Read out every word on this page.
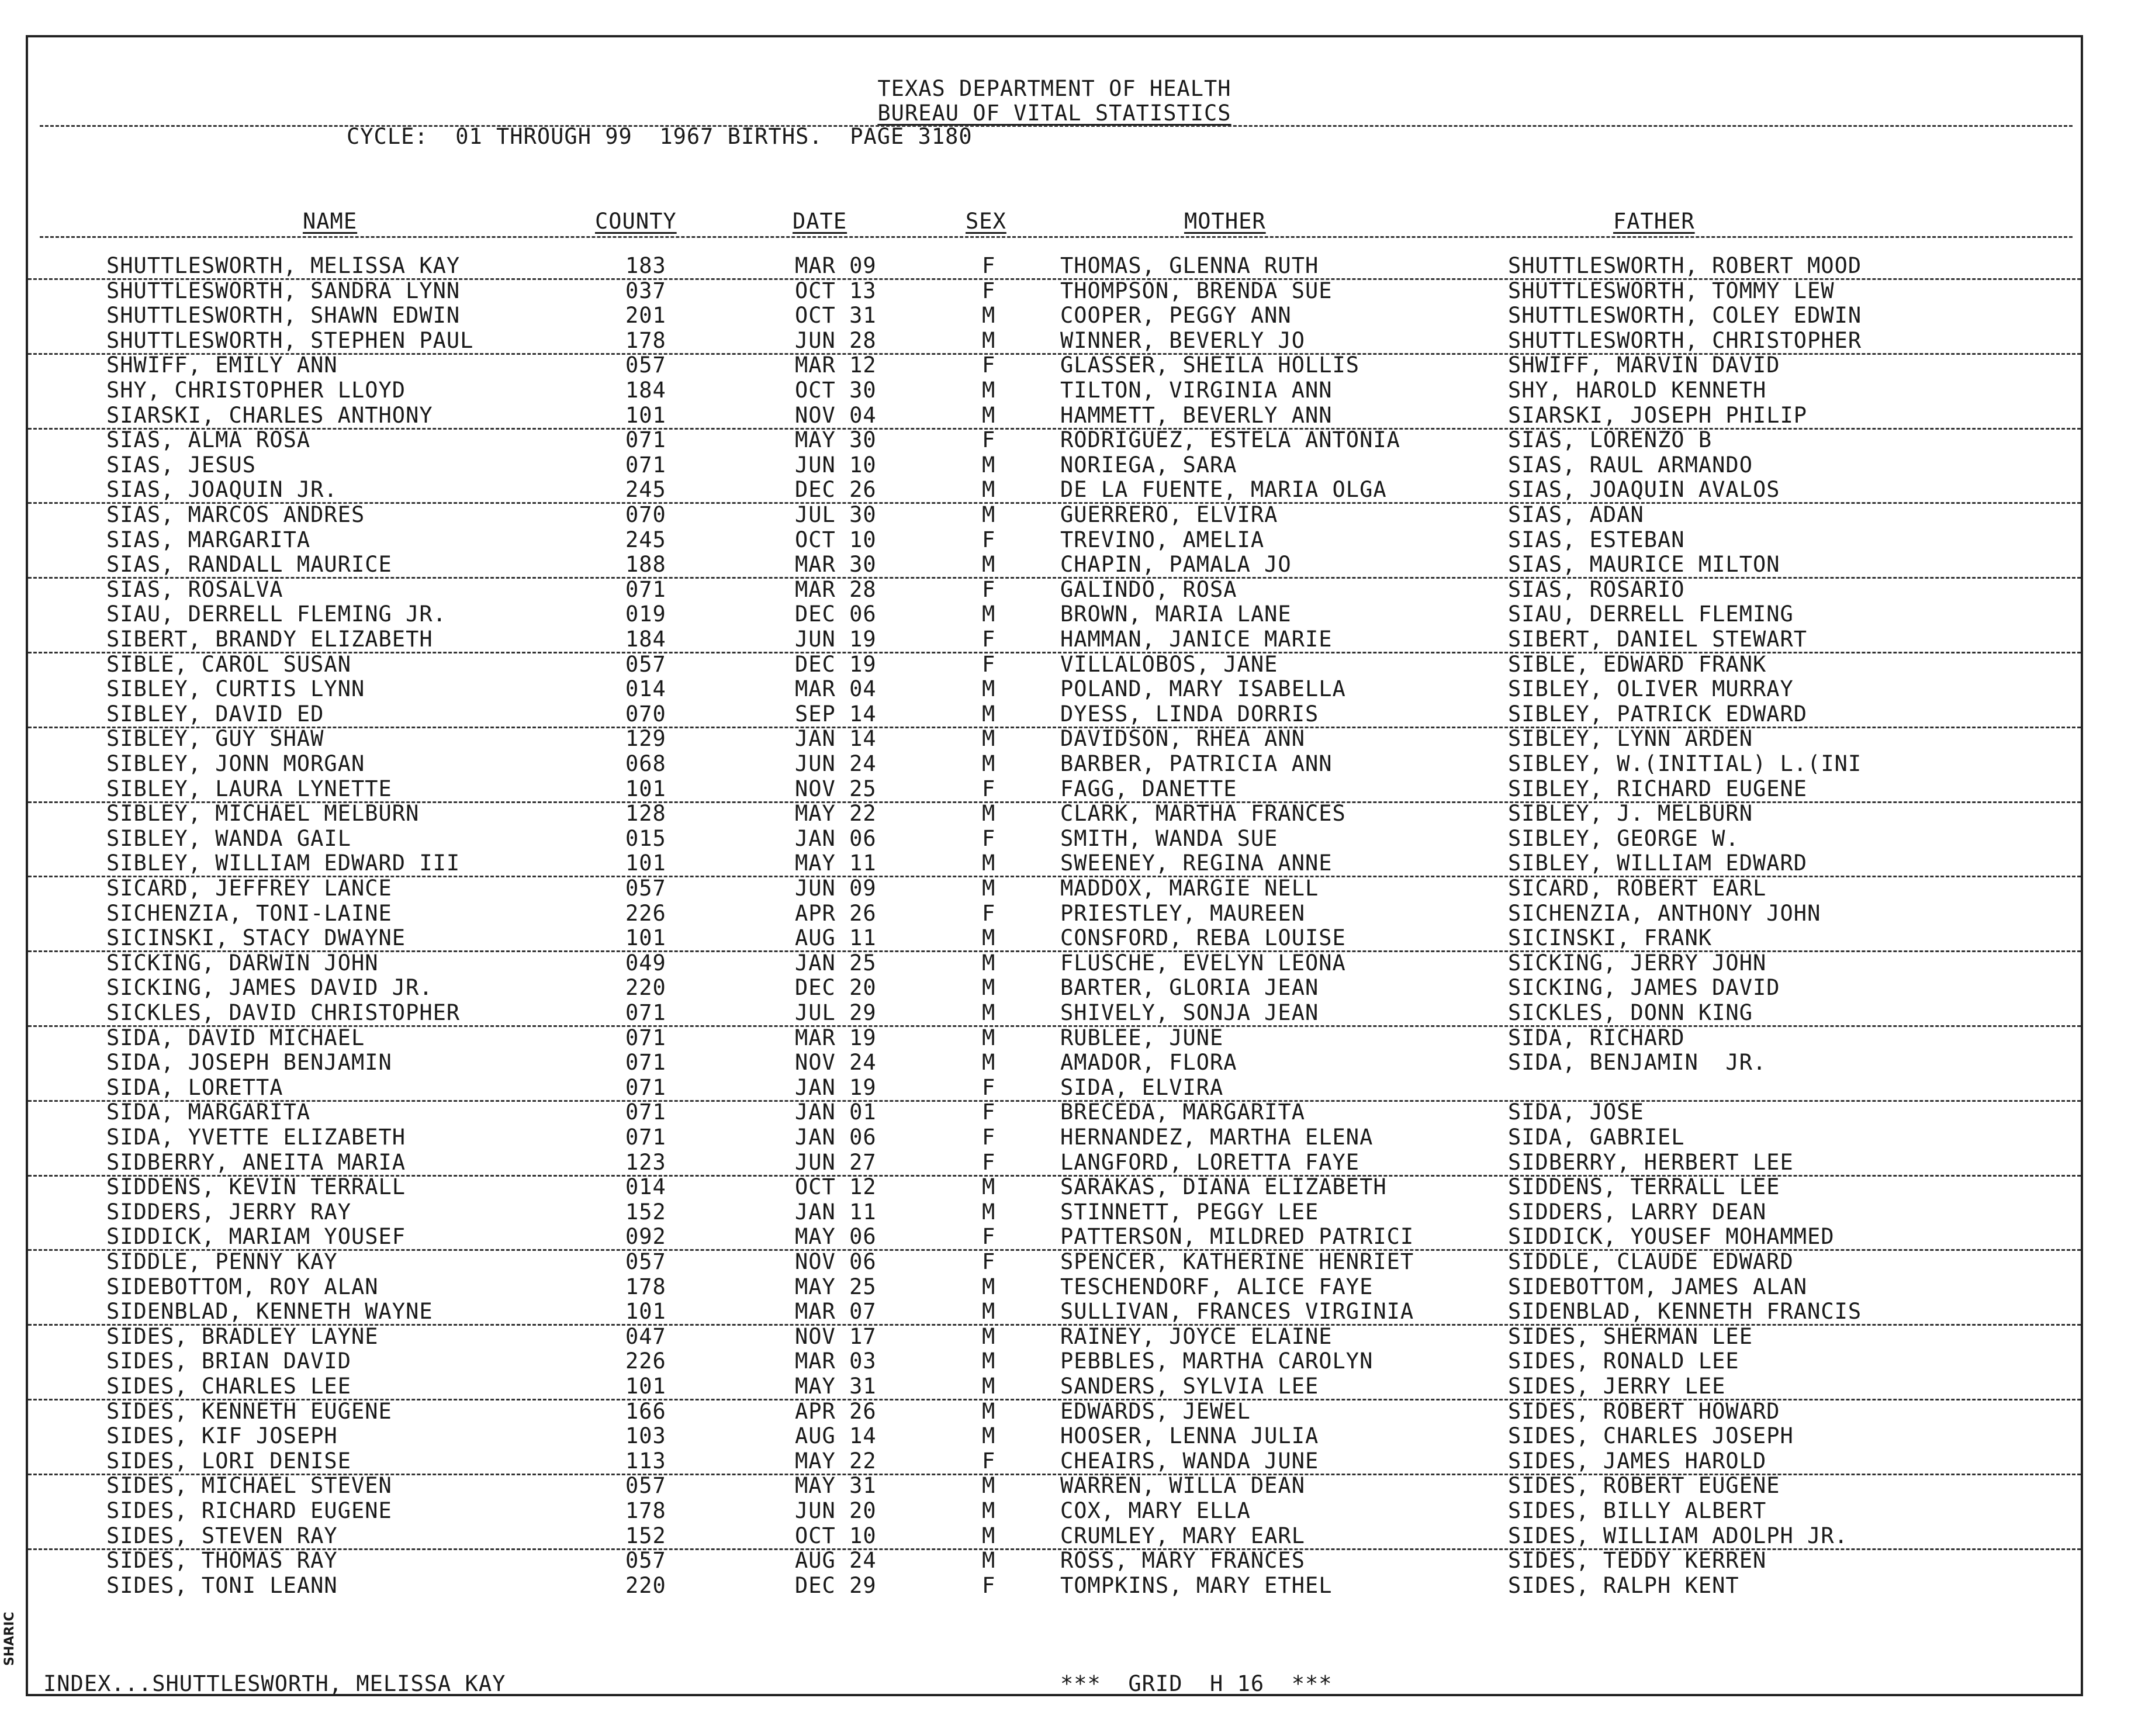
TEXAS DEPARTMENT OF HEALTH
BUREAU OF VITAL STATISTICS
CYCLE:  01 THROUGH 99  1967 BIRTHS.  PAGE 3180
NAME	COUNTY	DATE	SEX	MOTHER	FATHER
SHUTTLESWORTH, MELISSA KAY	183	MAR 09	F	THOMAS, GLENNA RUTH	SHUTTLESWORTH, ROBERT MOOD
SHUTTLESWORTH, SANDRA LYNN	037	OCT 13	F	THOMPSON, BRENDA SUE	SHUTTLESWORTH, TOMMY LEW
SHUTTLESWORTH, SHAWN EDWIN	201	OCT 31	M	COOPER, PEGGY ANN	SHUTTLESWORTH, COLEY EDWIN
SHUTTLESWORTH, STEPHEN PAUL	178	JUN 28	M	WINNER, BEVERLY JO	SHUTTLESWORTH, CHRISTOPHER
SHWIFF, EMILY ANN	057	MAR 12	F	GLASSER, SHEILA HOLLIS	SHWIFF, MARVIN DAVID
SHY, CHRISTOPHER LLOYD	184	OCT 30	M	TILTON, VIRGINIA ANN	SHY, HAROLD KENNETH
SIARSKI, CHARLES ANTHONY	101	NOV 04	M	HAMMETT, BEVERLY ANN	SIARSKI, JOSEPH PHILIP
SIAS, ALMA ROSA	071	MAY 30	F	RODRIGUEZ, ESTELA ANTONIA	SIAS, LORENZO B
SIAS, JESUS	071	JUN 10	M	NORIEGA, SARA	SIAS, RAUL ARMANDO
SIAS, JOAQUIN JR.	245	DEC 26	M	DE LA FUENTE, MARIA OLGA	SIAS, JOAQUIN AVALOS
SIAS, MARCOS ANDRES	070	JUL 30	M	GUERRERO, ELVIRA	SIAS, ADAN
SIAS, MARGARITA	245	OCT 10	F	TREVINO, AMELIA	SIAS, ESTEBAN
SIAS, RANDALL MAURICE	188	MAR 30	M	CHAPIN, PAMALA JO	SIAS, MAURICE MILTON
SIAS, ROSALVA	071	MAR 28	F	GALINDO, ROSA	SIAS, ROSARIO
SIAU, DERRELL FLEMING JR.	019	DEC 06	M	BROWN, MARIA LANE	SIAU, DERRELL FLEMING
SIBERT, BRANDY ELIZABETH	184	JUN 19	F	HAMMAN, JANICE MARIE	SIBERT, DANIEL STEWART
SIBLE, CAROL SUSAN	057	DEC 19	F	VILLALOBOS, JANE	SIBLE, EDWARD FRANK
SIBLEY, CURTIS LYNN	014	MAR 04	M	POLAND, MARY ISABELLA	SIBLEY, OLIVER MURRAY
SIBLEY, DAVID ED	070	SEP 14	M	DYESS, LINDA DORRIS	SIBLEY, PATRICK EDWARD
SIBLEY, GUY SHAW	129	JAN 14	M	DAVIDSON, RHEA ANN	SIBLEY, LYNN ARDEN
SIBLEY, JONN MORGAN	068	JUN 24	M	BARBER, PATRICIA ANN	SIBLEY, W.(INITIAL) L.(INI
SIBLEY, LAURA LYNETTE	101	NOV 25	F	FAGG, DANETTE	SIBLEY, RICHARD EUGENE
SIBLEY, MICHAEL MELBURN	128	MAY 22	M	CLARK, MARTHA FRANCES	SIBLEY, J. MELBURN
SIBLEY, WANDA GAIL	015	JAN 06	F	SMITH, WANDA SUE	SIBLEY, GEORGE W.
SIBLEY, WILLIAM EDWARD III	101	MAY 11	M	SWEENEY, REGINA ANNE	SIBLEY, WILLIAM EDWARD
SICARD, JEFFREY LANCE	057	JUN 09	M	MADDOX, MARGIE NELL	SICARD, ROBERT EARL
SICHENZIA, TONI-LAINE	226	APR 26	F	PRIESTLEY, MAUREEN	SICHENZIA, ANTHONY JOHN
SICINSKI, STACY DWAYNE	101	AUG 11	M	CONSFORD, REBA LOUISE	SICINSKI, FRANK
SICKING, DARWIN JOHN	049	JAN 25	M	FLUSCHE, EVELYN LEONA	SICKING, JERRY JOHN
SICKING, JAMES DAVID JR.	220	DEC 20	M	BARTER, GLORIA JEAN	SICKING, JAMES DAVID
SICKLES, DAVID CHRISTOPHER	071	JUL 29	M	SHIVELY, SONJA JEAN	SICKLES, DONN KING
SIDA, DAVID MICHAEL	071	MAR 19	M	RUBLEE, JUNE	SIDA, RICHARD
SIDA, JOSEPH BENJAMIN	071	NOV 24	M	AMADOR, FLORA	SIDA, BENJAMIN  JR.
SIDA, LORETTA	071	JAN 19	F	SIDA, ELVIRA
SIDA, MARGARITA	071	JAN 01	F	BRECEDA, MARGARITA	SIDA, JOSE
SIDA, YVETTE ELIZABETH	071	JAN 06	F	HERNANDEZ, MARTHA ELENA	SIDA, GABRIEL
SIDBERRY, ANEITA MARIA	123	JUN 27	F	LANGFORD, LORETTA FAYE	SIDBERRY, HERBERT LEE
SIDDENS, KEVIN TERRALL	014	OCT 12	M	SARAKAS, DIANA ELIZABETH	SIDDENS, TERRALL LEE
SIDDERS, JERRY RAY	152	JAN 11	M	STINNETT, PEGGY LEE	SIDDERS, LARRY DEAN
SIDDICK, MARIAM YOUSEF	092	MAY 06	F	PATTERSON, MILDRED PATRICI	SIDDICK, YOUSEF MOHAMMED
SIDDLE, PENNY KAY	057	NOV 06	F	SPENCER, KATHERINE HENRIET	SIDDLE, CLAUDE EDWARD
SIDEBOTTOM, ROY ALAN	178	MAY 25	M	TESCHENDORF, ALICE FAYE	SIDEBOTTOM, JAMES ALAN
SIDENBLAD, KENNETH WAYNE	101	MAR 07	M	SULLIVAN, FRANCES VIRGINIA	SIDENBLAD, KENNETH FRANCIS
SIDES, BRADLEY LAYNE	047	NOV 17	M	RAINEY, JOYCE ELAINE	SIDES, SHERMAN LEE
SIDES, BRIAN DAVID	226	MAR 03	M	PEBBLES, MARTHA CAROLYN	SIDES, RONALD LEE
SIDES, CHARLES LEE	101	MAY 31	M	SANDERS, SYLVIA LEE	SIDES, JERRY LEE
SIDES, KENNETH EUGENE	166	APR 26	M	EDWARDS, JEWEL	SIDES, ROBERT HOWARD
SIDES, KIF JOSEPH	103	AUG 14	M	HOOSER, LENNA JULIA	SIDES, CHARLES JOSEPH
SIDES, LORI DENISE	113	MAY 22	F	CHEAIRS, WANDA JUNE	SIDES, JAMES HAROLD
SIDES, MICHAEL STEVEN	057	MAY 31	M	WARREN, WILLA DEAN	SIDES, ROBERT EUGENE
SIDES, RICHARD EUGENE	178	JUN 20	M	COX, MARY ELLA	SIDES, BILLY ALBERT
SIDES, STEVEN RAY	152	OCT 10	M	CRUMLEY, MARY EARL	SIDES, WILLIAM ADOLPH JR.
SIDES, THOMAS RAY	057	AUG 24	M	ROSS, MARY FRANCES	SIDES, TEDDY KERREN
SIDES, TONI LEANN	220	DEC 29	F	TOMPKINS, MARY ETHEL	SIDES, RALPH KENT
INDEX...SHUTTLESWORTH, MELISSA KAY	***  GRID  H 16  ***
SHARIC
